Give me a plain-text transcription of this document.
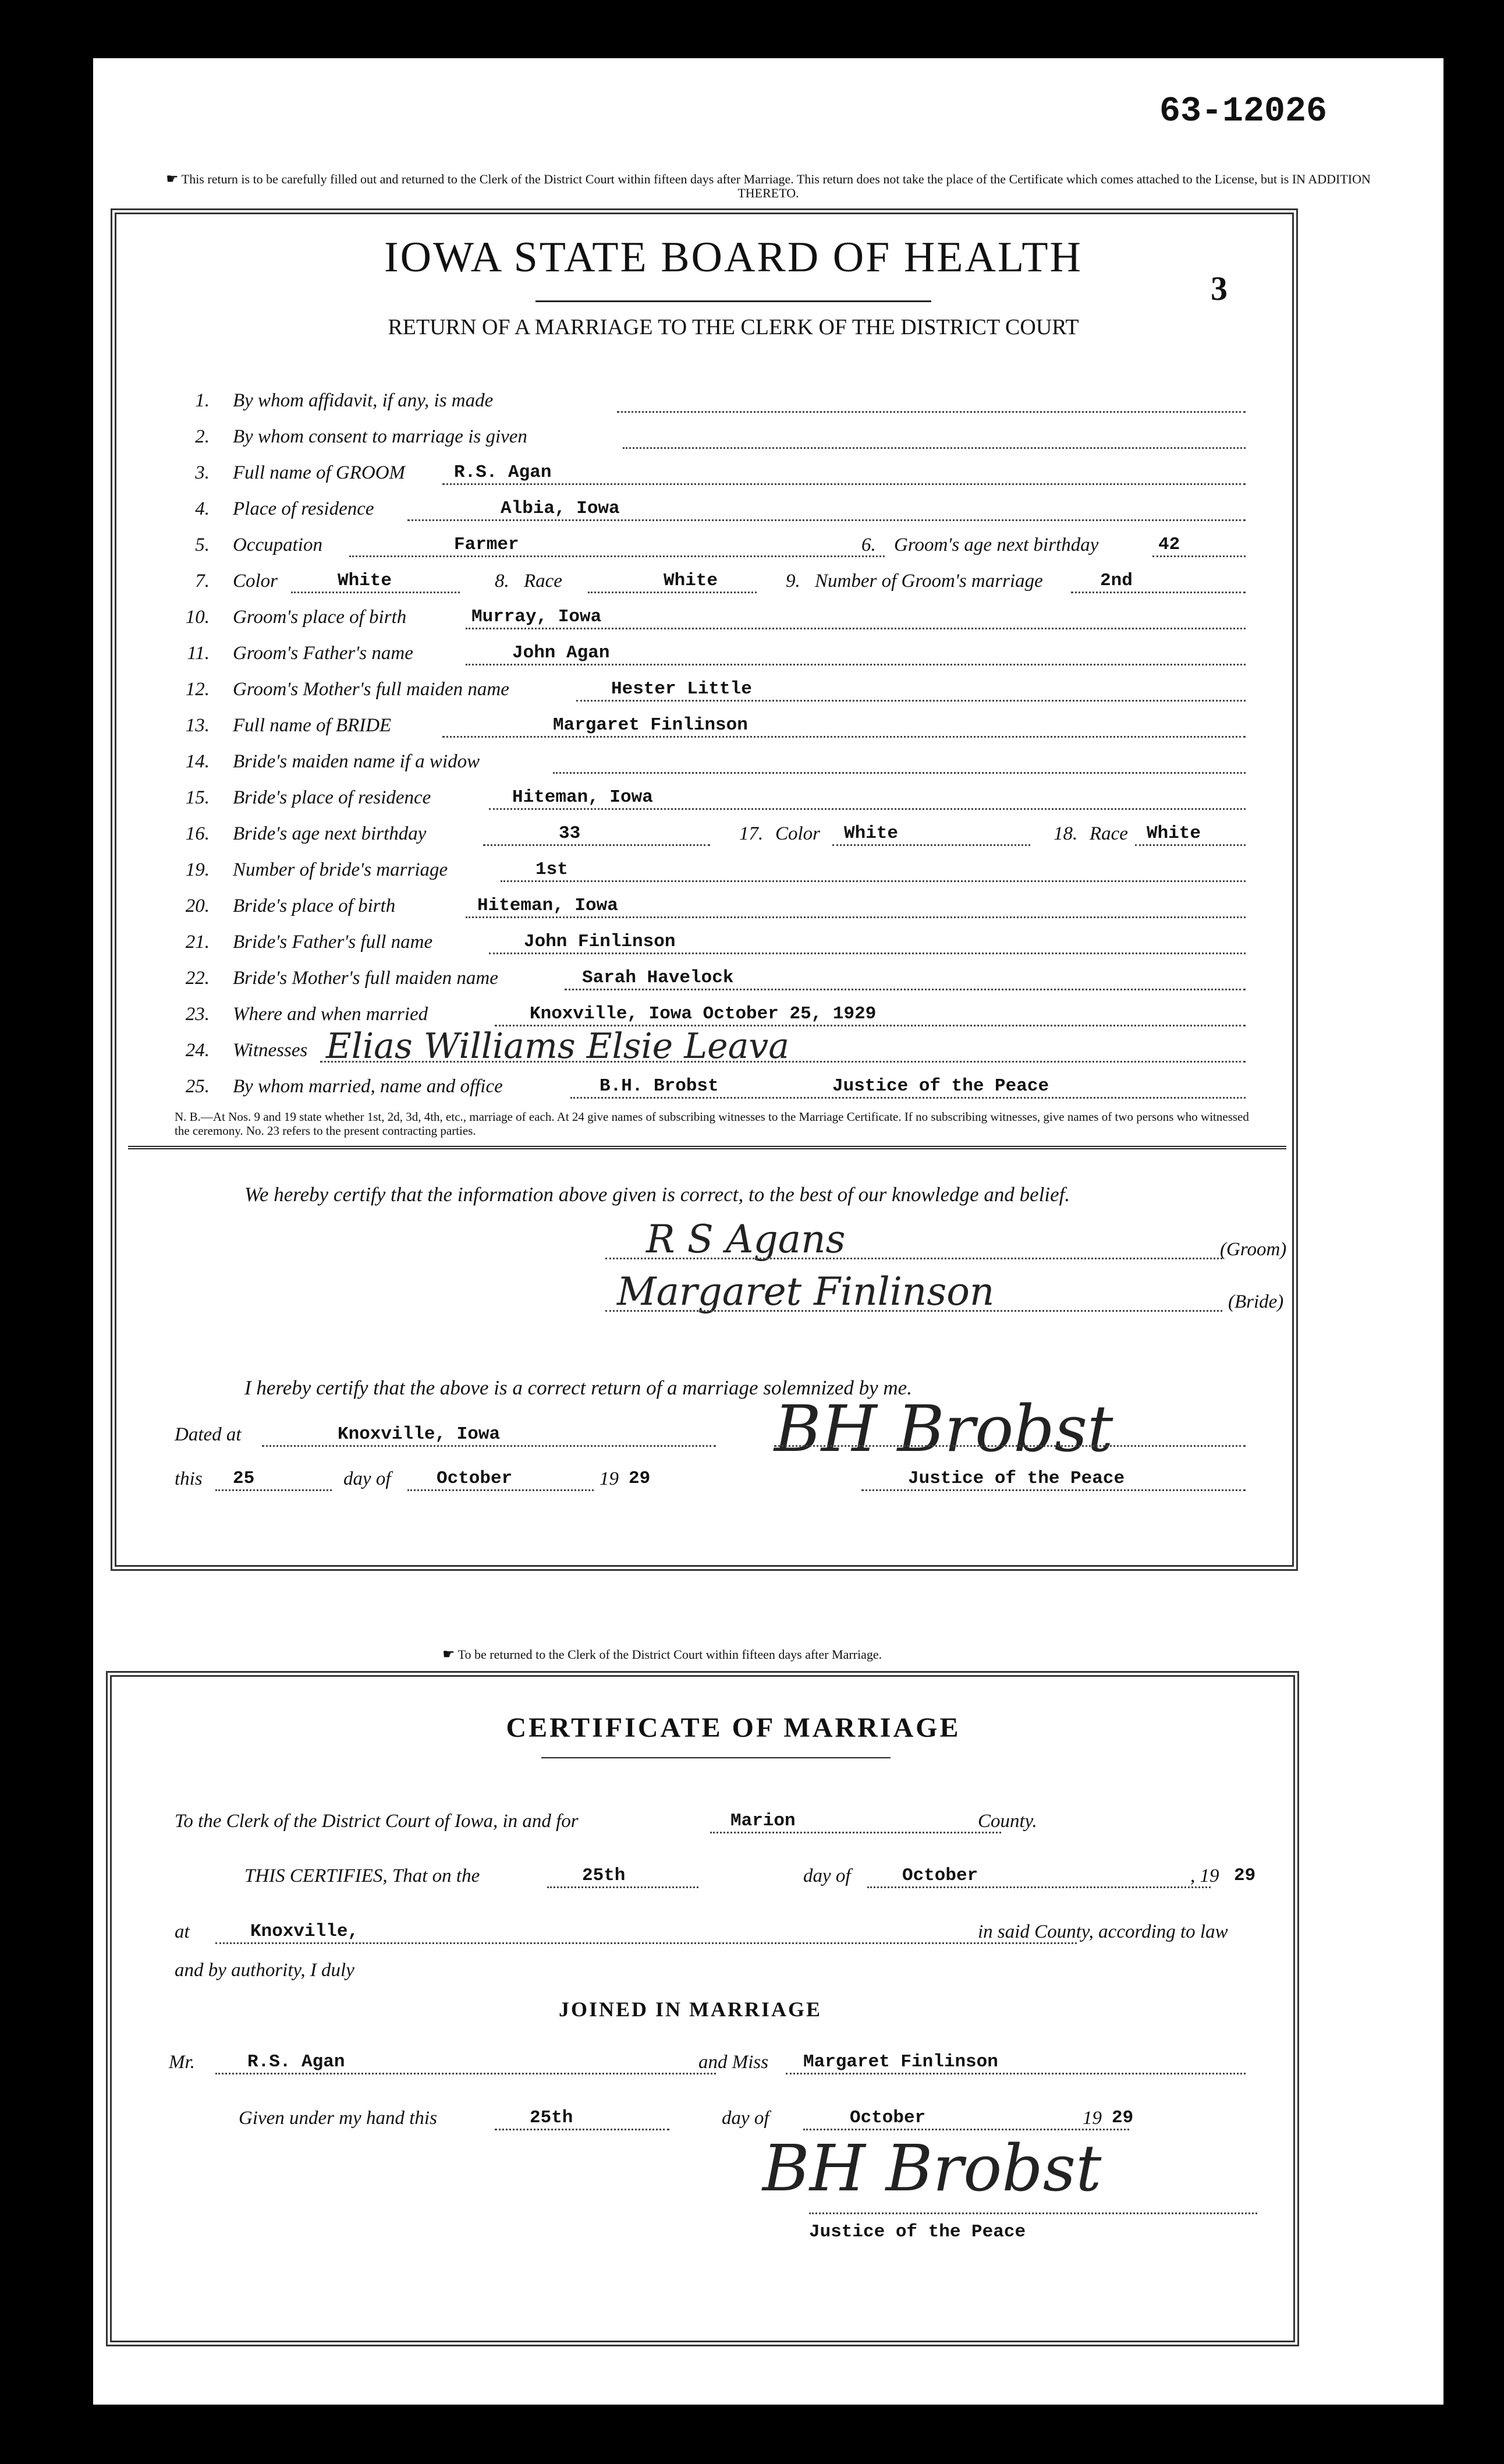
63-12026
☛ This return is to be carefully filled out and returned to the Clerk of the District Court within fifteen days after Marriage. This return does not take the place of the Certificate which comes attached to the License, but is IN ADDITION THERETO.
IOWA STATE BOARD OF HEALTH
3
RETURN OF A MARRIAGE TO THE CLERK OF THE DISTRICT COURT
1. By whom affidavit, if any, is made
2. By whom consent to marriage is given
3. Full name of GROOM	R.S. Agan
4. Place of residence	Albia, Iowa
5. Occupation	Farmer	6. Groom's age next birthday	42
7. Color	White	8. Race	White	9. Number of Groom's marriage	2nd
10. Groom's place of birth	Murray, Iowa
11. Groom's Father's name	John Agan
12. Groom's Mother's full maiden name	Hester Little
13. Full name of BRIDE	Margaret Finlinson
14. Bride's maiden name if a widow
15. Bride's place of residence	Hiteman, Iowa
16. Bride's age next birthday	33	17. Color White	18. Race White
19. Number of bride's marriage	1st
20. Bride's place of birth	Hiteman, Iowa
21. Bride's Father's full name	John Finlinson
22. Bride's Mother's full maiden name	Sarah Havelock
23. Where and when married	Knoxville, Iowa October 25, 1929
24. Witnesses Elias Williams Elsie Leava
25. By whom married, name and office	B.H. Brobst	Justice of the Peace
N. B.—At Nos. 9 and 19 state whether 1st, 2d, 3d, 4th, etc., marriage of each. At 24 give names of subscribing witnesses to the Marriage Certificate. If no subscribing witnesses, give names of two persons who witnessed the ceremony. No. 23 refers to the present contracting parties.
We hereby certify that the information above given is correct, to the best of our knowledge and belief.
R S Agans	(Groom)
Margaret Finlinson	(Bride)
I hereby certify that the above is a correct return of a marriage solemnized by me.
Dated at	Knoxville, Iowa	BH Brobst
this 25	day of	October	19 29	Justice of the Peace
☛ To be returned to the Clerk of the District Court within fifteen days after Marriage.
CERTIFICATE OF MARRIAGE
To the Clerk of the District Court of Iowa, in and for	Marion	County.
THIS CERTIFIES, That on the	25th	day of	October	, 19 29
at	Knoxville,	in said County, according to law
and by authority, I duly
JOINED IN MARRIAGE
Mr.	R.S. Agan	and Miss Margaret Finlinson
Given under my hand this	25th	day of	October	19 29
BH Brobst
Justice of the Peace
